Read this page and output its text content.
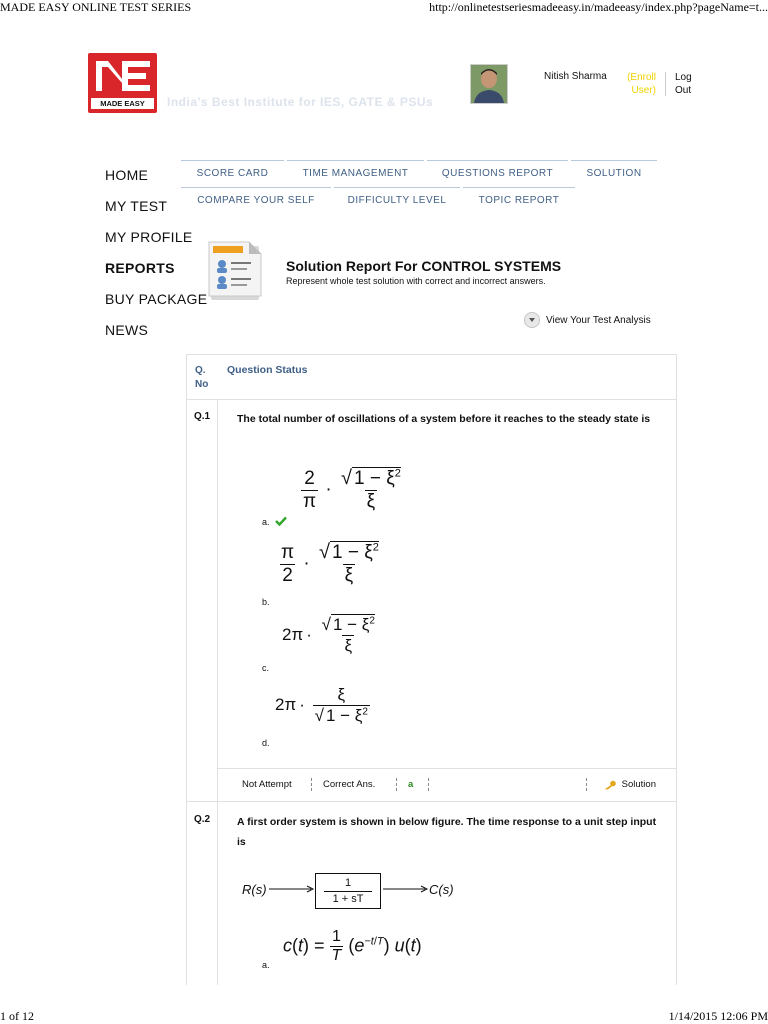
MADE EASY ONLINE TEST SERIES	http://onlinetestseriesmadeeasy.in/madeeasy/index.php?pageName=t...
1 of 12	1/14/2015 12:06 PM
MADE EASY	India's Best Institute for IES, GATE & PSUs
Nitish Sharma	(Enroll User)
Log Out
HOME
MY TEST
MY PROFILE
REPORTS
BUY PACKAGE
NEWS
SCORE CARD	TIME MANAGEMENT	QUESTIONS REPORT	SOLUTION
COMPARE YOUR SELF	DIFFICULTY LEVEL	TOPIC REPORT
Solution Report For CONTROL SYSTEMS
Represent whole test solution with correct and incorrect answers.
View Your Test Analysis
Q. No
Question Status
Q.1	The total number of oscillations of a system before it reaches to the steady state is
a.
$\frac{2}{\pi} \cdot \frac{√ 1 - \xi^2}{\xi}$
b.
$\frac{\pi}{2} \cdot \frac{√ 1 - \xi^2}{\xi}$
c.
$2\pi \cdot \frac{√ 1 - \xi^2}{\xi}$
d.
$2\pi \cdot \frac{\xi}{√ 1 - \xi^2}$
Not Attempt	Correct Ans.	a	Solution
Q.2	A first order system is shown in below figure. The time response to a unit step input is
R(s)	1
1 + sT
C(s)
a.
$c(t) = \frac{1}{T} (e^{-t/T})$ u(t)
